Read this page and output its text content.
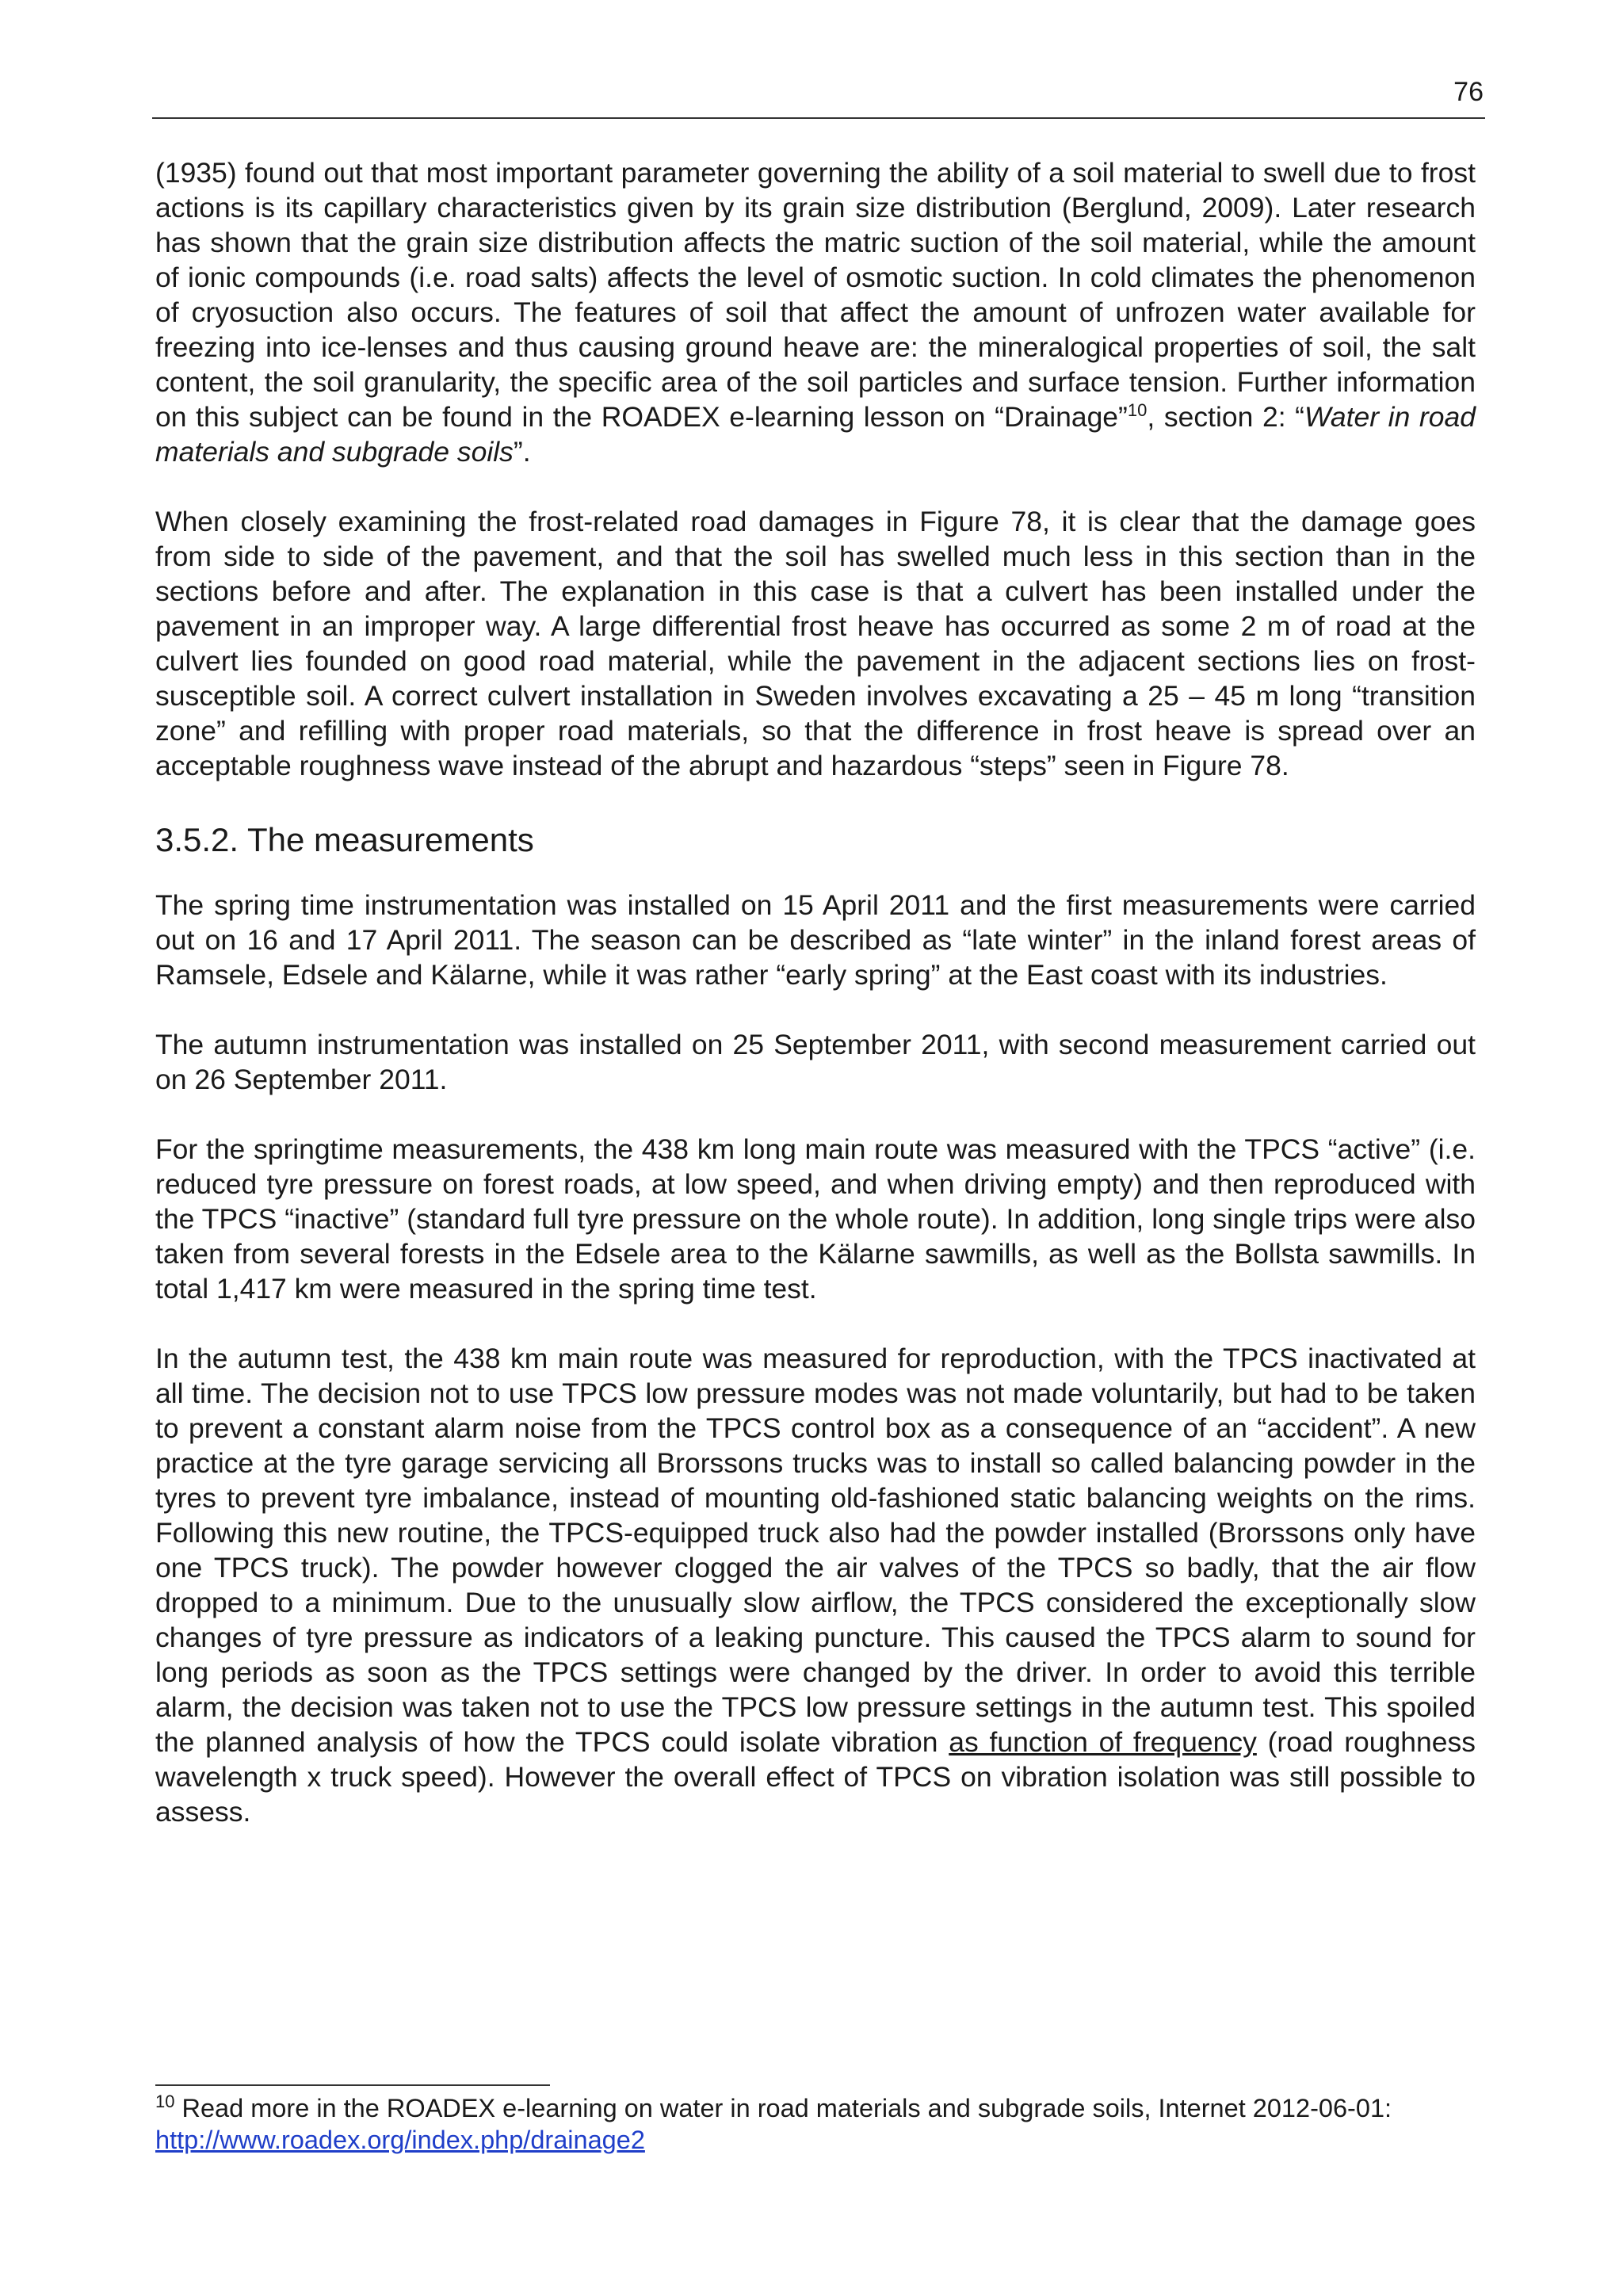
76

(1935) found out that most important parameter governing the ability of a soil material to swell due to frost actions is its capillary characteristics given by its grain size distribution (Berglund, 2009). Later research has shown that the grain size distribution affects the matric suction of the soil material, while the amount of ionic compounds (i.e. road salts) affects the level of osmotic suction. In cold climates the phenomenon of cryosuction also occurs. The features of soil that affect the amount of unfrozen water available for freezing into ice-lenses and thus causing ground heave are: the mineralogical properties of soil, the salt content, the soil granularity, the specific area of the soil particles and surface tension. Further information on this subject can be found in the ROADEX e-learning lesson on “Drainage”$^{10}$, section 2: “Water in road materials and subgrade soils”.

When closely examining the frost-related road damages in Figure 78, it is clear that the damage goes from side to side of the pavement, and that the soil has swelled much less in this section than in the sections before and after. The explanation in this case is that a culvert has been installed under the pavement in an improper way. A large differential frost heave has occurred as some 2 m of road at the culvert lies founded on good road material, while the pavement in the adjacent sections lies on frost-susceptible soil. A correct culvert installation in Sweden involves excavating a 25 – 45 m long “transition zone” and refilling with proper road materials, so that the difference in frost heave is spread over an acceptable roughness wave instead of the abrupt and hazardous “steps” seen in Figure 78.

3.5.2. The measurements

The spring time instrumentation was installed on 15 April 2011 and the first measurements were carried out on 16 and 17 April 2011. The season can be described as “late winter” in the inland forest areas of Ramsele, Edsele and Kälarne, while it was rather “early spring” at the East coast with its industries.

The autumn instrumentation was installed on 25 September 2011, with second measurement carried out on 26 September 2011.

For the springtime measurements, the 438 km long main route was measured with the TPCS “active” (i.e. reduced tyre pressure on forest roads, at low speed, and when driving empty) and then reproduced with the TPCS “inactive” (standard full tyre pressure on the whole route). In addition, long single trips were also taken from several forests in the Edsele area to the Kälarne sawmills, as well as the Bollsta sawmills. In total 1,417 km were measured in the spring time test.

In the autumn test, the 438 km main route was measured for reproduction, with the TPCS inactivated at all time. The decision not to use TPCS low pressure modes was not made voluntarily, but had to be taken to prevent a constant alarm noise from the TPCS control box as a consequence of an “accident”. A new practice at the tyre garage servicing all Brorssons trucks was to install so called balancing powder in the tyres to prevent tyre imbalance, instead of mounting old-fashioned static balancing weights on the rims. Following this new routine, the TPCS-equipped truck also had the powder installed (Brorssons only have one TPCS truck). The powder however clogged the air valves of the TPCS so badly, that the air flow dropped to a minimum. Due to the unusually slow airflow, the TPCS considered the exceptionally slow changes of tyre pressure as indicators of a leaking puncture. This caused the TPCS alarm to sound for long periods as soon as the TPCS settings were changed by the driver. In order to avoid this terrible alarm, the decision was taken not to use the TPCS low pressure settings in the autumn test. This spoiled the planned analysis of how the TPCS could isolate vibration as function of frequency (road roughness wavelength x truck speed). However the overall effect of TPCS on vibration isolation was still possible to assess.

$^{10}$ Read more in the ROADEX e-learning on water in road materials and subgrade soils, Internet 2012-06-01:
http://www.roadex.org/index.php/drainage2
